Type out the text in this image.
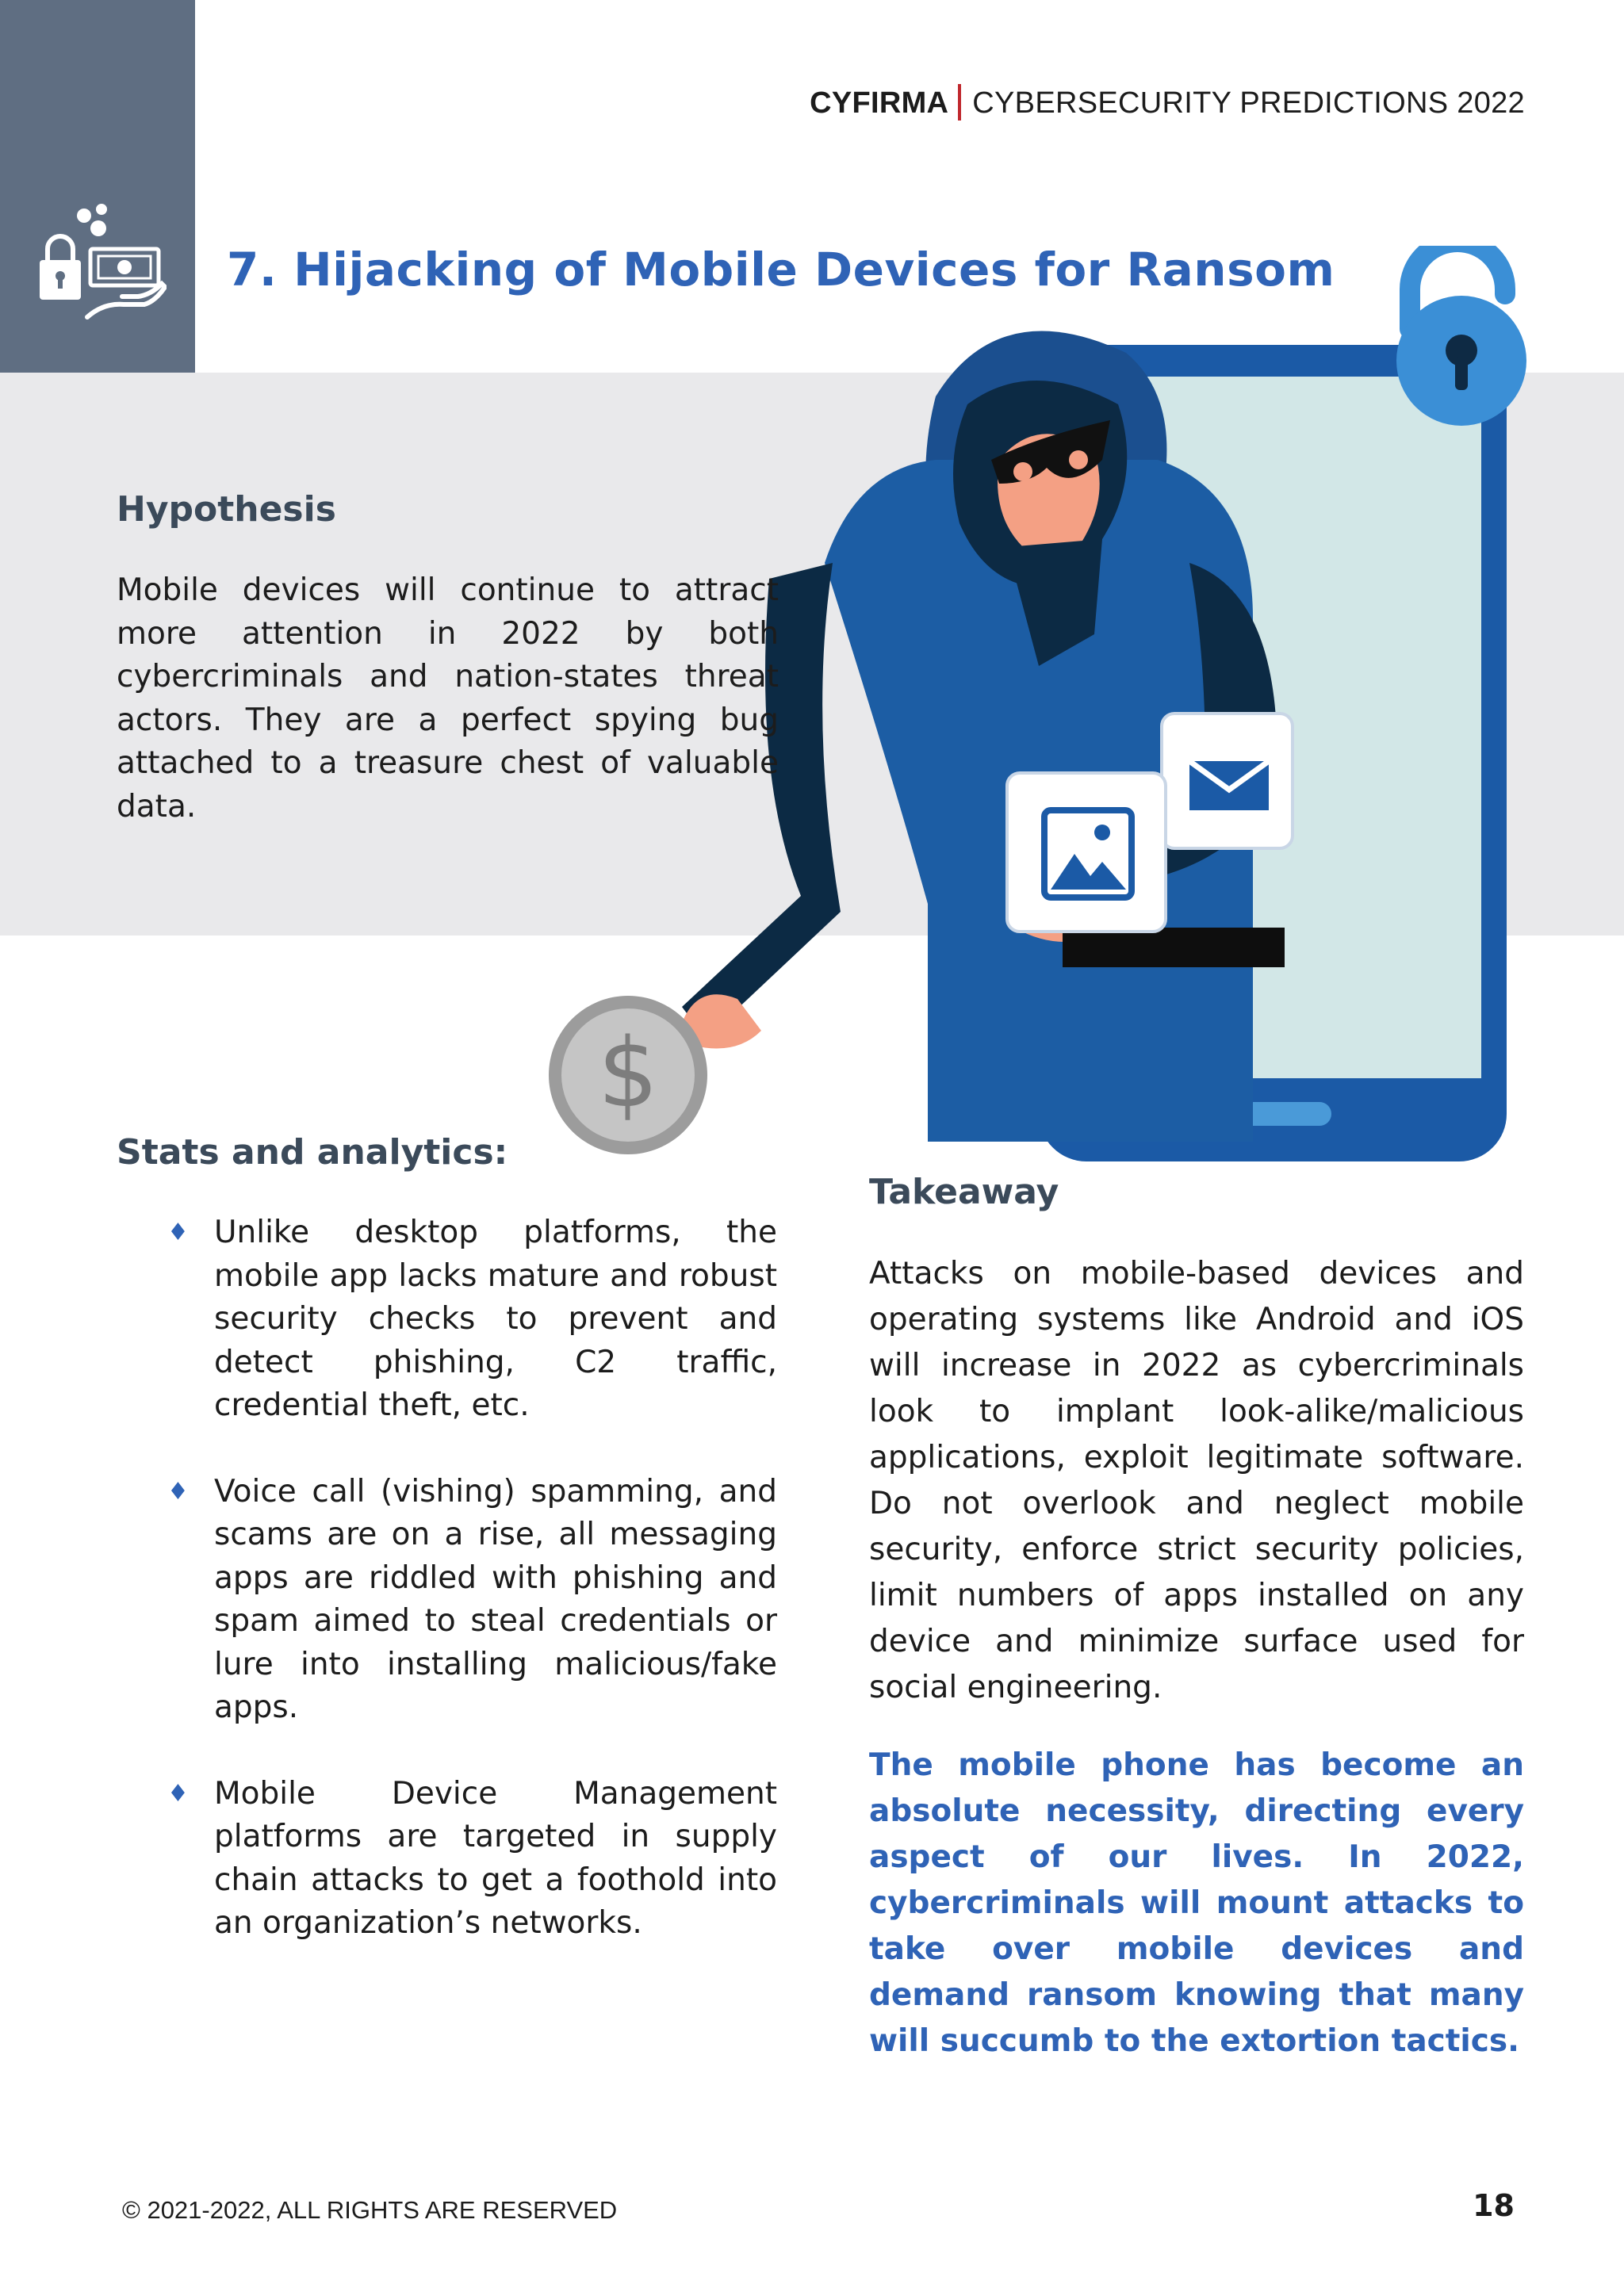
CYFIRMA CYBERSECURITY PREDICTIONS 2022
7. Hijacking of Mobile Devices for Ransom
$
Hypothesis
Mobile devices will continue to attract more attention in 2022 by both cybercriminals and nation-states threat actors. They are a perfect spying bug attached to a treasure chest of valuable data.
Stats and analytics:
♦ Unlike desktop platforms, the mobile app lacks mature and robust security checks to prevent and detect phishing, C2 traffic, credential theft, etc.
♦ Voice call (vishing) spamming, and scams are on a rise, all messaging apps are riddled with phishing and spam aimed to steal credentials or lure into installing malicious/fake apps.
♦ Mobile Device Management platforms are targeted in supply chain attacks to get a foothold into an organization’s networks.
Takeaway
Attacks on mobile-based devices and operating systems like Android and iOS will increase in 2022 as cybercriminals look to implant look-alike/malicious applications, exploit legitimate software. Do not overlook and neglect mobile security, enforce strict security policies, limit numbers of apps installed on any device and minimize surface used for social engineering.
The mobile phone has become an absolute necessity, directing every aspect of our lives. In 2022, cybercriminals will mount attacks to take over mobile devices and demand ransom knowing that many will succumb to the extortion tactics.
© 2021-2022, ALL RIGHTS ARE RESERVED	18
